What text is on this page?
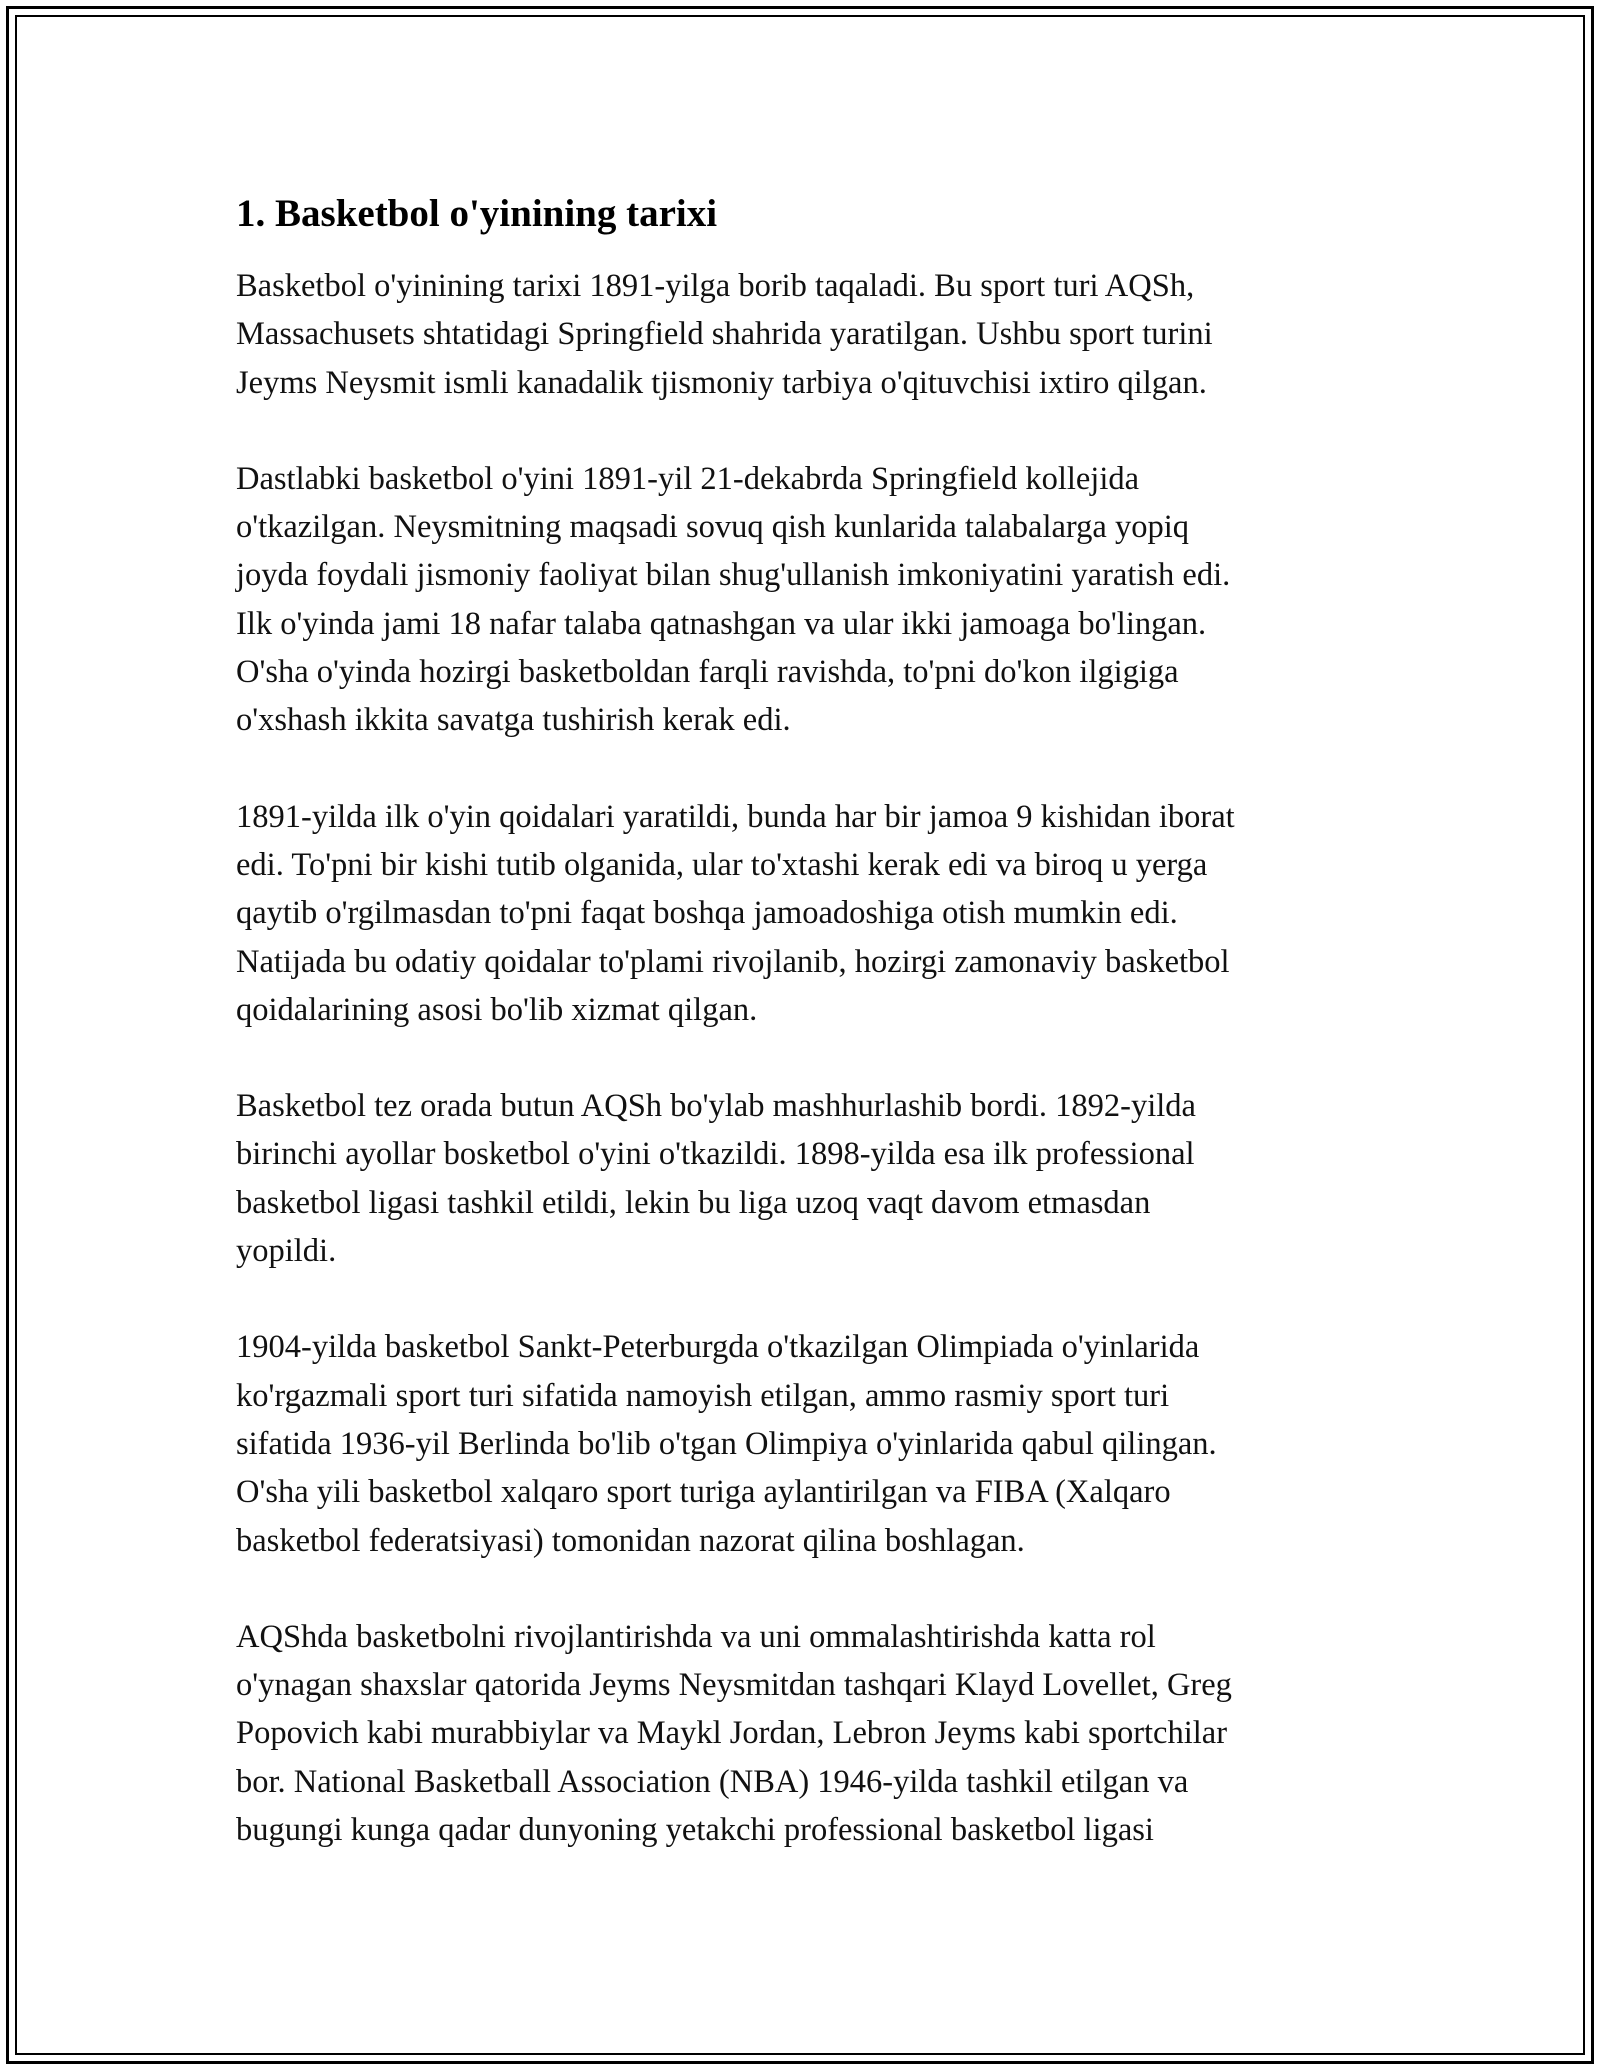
1. Basketbol o'yinining tarixi
Basketbol o'yinining tarixi 1891-yilga borib taqaladi. Bu sport turi AQSh,
Massachusets shtatidagi Springfield shahrida yaratilgan. Ushbu sport turini
Jeyms Neysmit ismli kanadalik tjismoniy tarbiya o'qituvchisi ixtiro qilgan.
Dastlabki basketbol o'yini 1891-yil 21-dekabrda Springfield kollejida
o'tkazilgan. Neysmitning maqsadi sovuq qish kunlarida talabalarga yopiq
joyda foydali jismoniy faoliyat bilan shug'ullanish imkoniyatini yaratish edi.
Ilk o'yinda jami 18 nafar talaba qatnashgan va ular ikki jamoaga bo'lingan.
O'sha o'yinda hozirgi basketboldan farqli ravishda, to'pni do'kon ilgigiga
o'xshash ikkita savatga tushirish kerak edi.
1891-yilda ilk o'yin qoidalari yaratildi, bunda har bir jamoa 9 kishidan iborat
edi. To'pni bir kishi tutib olganida, ular to'xtashi kerak edi va biroq u yerga
qaytib o'rgilmasdan to'pni faqat boshqa jamoadoshiga otish mumkin edi.
Natijada bu odatiy qoidalar to'plami rivojlanib, hozirgi zamonaviy basketbol
qoidalarining asosi bo'lib xizmat qilgan.
Basketbol tez orada butun AQSh bo'ylab mashhurlashib bordi. 1892-yilda
birinchi ayollar bosketbol o'yini o'tkazildi. 1898-yilda esa ilk professional
basketbol ligasi tashkil etildi, lekin bu liga uzoq vaqt davom etmasdan
yopildi.
1904-yilda basketbol Sankt-Peterburgda o'tkazilgan Olimpiada o'yinlarida
ko'rgazmali sport turi sifatida namoyish etilgan, ammo rasmiy sport turi
sifatida 1936-yil Berlinda bo'lib o'tgan Olimpiya o'yinlarida qabul qilingan.
O'sha yili basketbol xalqaro sport turiga aylantirilgan va FIBA (Xalqaro
basketbol federatsiyasi) tomonidan nazorat qilina boshlagan.
AQShda basketbolni rivojlantirishda va uni ommalashtirishda katta rol
o'ynagan shaxslar qatorida Jeyms Neysmitdan tashqari Klayd Lovellet, Greg
Popovich kabi murabbiylar va Maykl Jordan, Lebron Jeyms kabi sportchilar
bor. National Basketball Association (NBA) 1946-yilda tashkil etilgan va
bugungi kunga qadar dunyoning yetakchi professional basketbol ligasi
